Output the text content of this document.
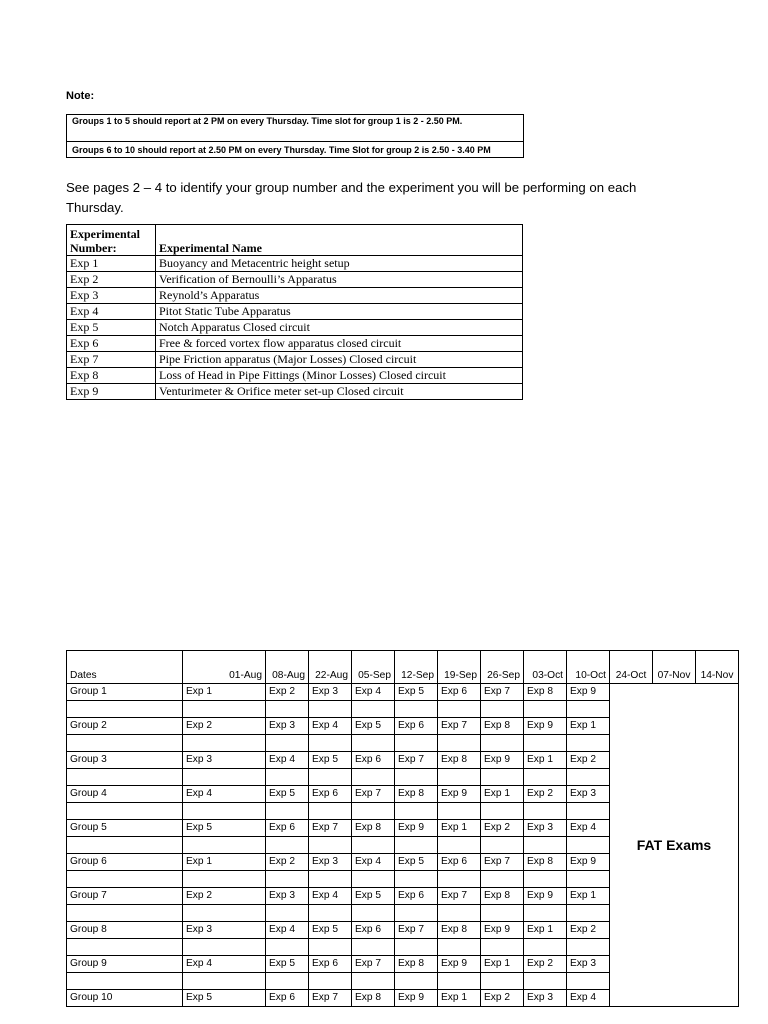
Note:
Groups 1 to 5 should report at 2 PM on every Thursday. Time slot for group 1 is 2 - 2.50 PM.
Groups 6 to 10 should report at 2.50 PM on every Thursday. Time Slot for group 2 is 2.50 - 3.40 PM
See pages 2 – 4 to identify your group number and the experiment you will be performing on each Thursday.
Experimental
Number:	Experimental Name
Exp 1	Buoyancy and Metacentric height setup
Exp 2	Verification of Bernoulli’s Apparatus
Exp 3	Reynold’s Apparatus
Exp 4	Pitot Static Tube Apparatus
Exp 5	Notch Apparatus Closed circuit
Exp 6	Free & forced vortex flow apparatus closed circuit
Exp 7	Pipe Friction apparatus (Major Losses) Closed circuit
Exp 8	Loss of Head in Pipe Fittings (Minor Losses) Closed circuit
Exp 9	Venturimeter & Orifice meter set-up Closed circuit
Dates	01-Aug	08-Aug	22-Aug	05-Sep	12-Sep	19-Sep	26-Sep	03-Oct	10-Oct	24-Oct	07-Nov	14-Nov
Group 1	Exp 1	Exp 2	Exp 3	Exp 4	Exp 5	Exp 6	Exp 7	Exp 8	Exp 9	FAT Exams		

Group 2	Exp 2	Exp 3	Exp 4	Exp 5	Exp 6	Exp 7	Exp 8	Exp 9	Exp 1			

Group 3	Exp 3	Exp 4	Exp 5	Exp 6	Exp 7	Exp 8	Exp 9	Exp 1	Exp 2			

Group 4	Exp 4	Exp 5	Exp 6	Exp 7	Exp 8	Exp 9	Exp 1	Exp 2	Exp 3			

Group 5	Exp 5	Exp 6	Exp 7	Exp 8	Exp 9	Exp 1	Exp 2	Exp 3	Exp 4			

Group 6	Exp 1	Exp 2	Exp 3	Exp 4	Exp 5	Exp 6	Exp 7	Exp 8	Exp 9			

Group 7	Exp 2	Exp 3	Exp 4	Exp 5	Exp 6	Exp 7	Exp 8	Exp 9	Exp 1			

Group 8	Exp 3	Exp 4	Exp 5	Exp 6	Exp 7	Exp 8	Exp 9	Exp 1	Exp 2			

Group 9	Exp 4	Exp 5	Exp 6	Exp 7	Exp 8	Exp 9	Exp 1	Exp 2	Exp 3			

Group 10	Exp 5	Exp 6	Exp 7	Exp 8	Exp 9	Exp 1	Exp 2	Exp 3	Exp 4			
